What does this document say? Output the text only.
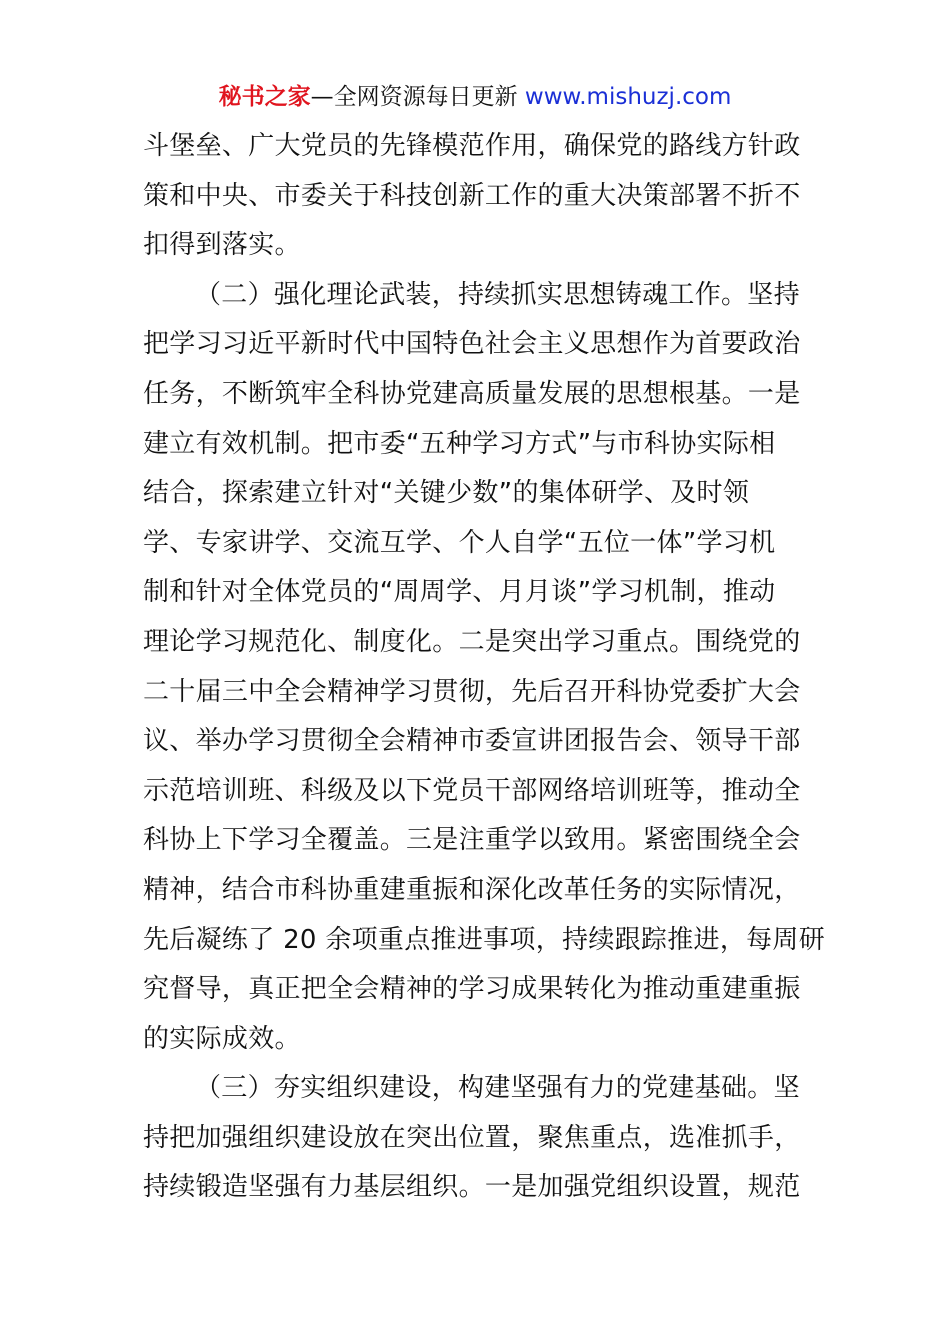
秘书之家—全网资源每日更新 www.mishuzj.com
斗堡垒、广大党员的先锋模范作用，确保党的路线方针政
策和中央、市委关于科技创新工作的重大决策部署不折不
扣得到落实。
（二）强化理论武装，持续抓实思想铸魂工作。坚持
把学习习近平新时代中国特色社会主义思想作为首要政治
任务，不断筑牢全科协党建高质量发展的思想根基。一是
建立有效机制。把市委“五种学习方式”与市科协实际相
结合，探索建立针对“关键少数”的集体研学、及时领
学、专家讲学、交流互学、个人自学“五位一体”学习机
制和针对全体党员的“周周学、月月谈”学习机制，推动
理论学习规范化、制度化。二是突出学习重点。围绕党的
二十届三中全会精神学习贯彻，先后召开科协党委扩大会
议、举办学习贯彻全会精神市委宣讲团报告会、领导干部
示范培训班、科级及以下党员干部网络培训班等，推动全
科协上下学习全覆盖。三是注重学以致用。紧密围绕全会
精神，结合市科协重建重振和深化改革任务的实际情况，
先后凝练了 20 余项重点推进事项，持续跟踪推进，每周研
究督导，真正把全会精神的学习成果转化为推动重建重振
的实际成效。
（三）夯实组织建设，构建坚强有力的党建基础。坚
持把加强组织建设放在突出位置，聚焦重点，选准抓手，
持续锻造坚强有力基层组织。一是加强党组织设置，规范
